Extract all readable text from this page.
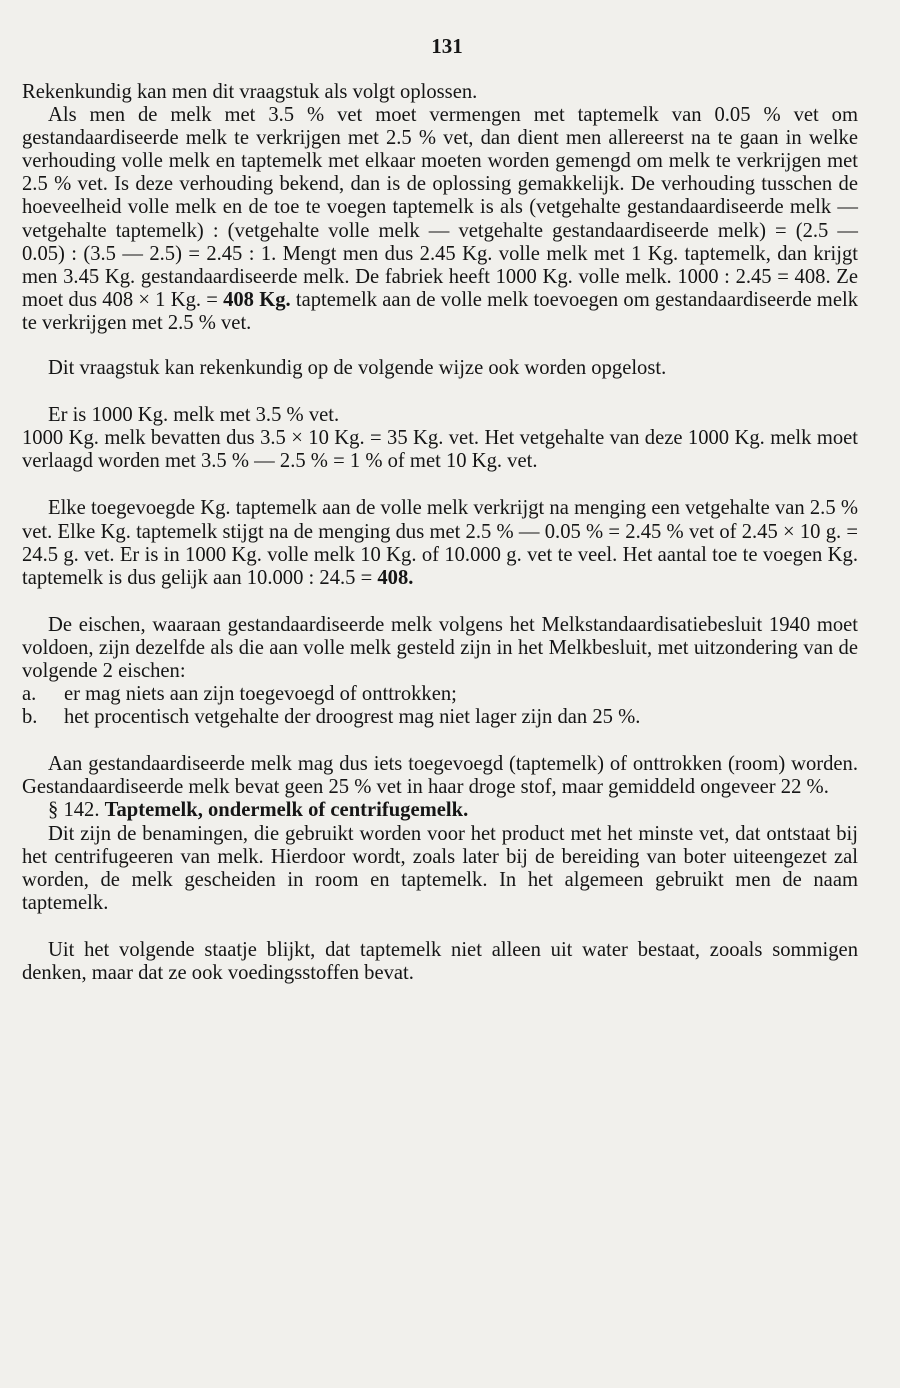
131

Rekenkundig kan men dit vraagstuk als volgt oplossen.

Als men de melk met 3.5 % vet moet vermengen met taptemelk van 0.05 % vet om gestandaardiseerde melk te verkrijgen met 2.5 % vet, dan dient men allereerst na te gaan in welke verhouding volle melk en taptemelk met elkaar moeten worden gemengd om melk te verkrijgen met 2.5 % vet. Is deze verhouding bekend, dan is de oplossing gemakkelijk. De verhouding tusschen de hoeveelheid volle melk en de toe te voegen taptemelk is als (vetgehalte gestandaardiseerde melk — vetgehalte taptemelk) : (vetgehalte volle melk — vetgehalte gestandaardiseerde melk) = (2.5 — 0.05) : (3.5 — 2.5) = 2.45 : 1. Mengt men dus 2.45 Kg. volle melk met 1 Kg. taptemelk, dan krijgt men 3.45 Kg. gestandaardiseerde melk. De fabriek heeft 1000 Kg. volle melk. 1000 : 2.45 = 408. Ze moet dus 408 × 1 Kg. = 408 Kg. taptemelk aan de volle melk toevoegen om gestandaardiseerde melk te verkrijgen met 2.5 % vet.

Dit vraagstuk kan rekenkundig op de volgende wijze ook worden opgelost.

Er is 1000 Kg. melk met 3.5 % vet.

1000 Kg. melk bevatten dus 3.5 × 10 Kg. = 35 Kg. vet. Het vetgehalte van deze 1000 Kg. melk moet verlaagd worden met 3.5 % — 2.5 % = 1 % of met 10 Kg. vet.

Elke toegevoegde Kg. taptemelk aan de volle melk verkrijgt na menging een vetgehalte van 2.5 % vet. Elke Kg. taptemelk stijgt na de menging dus met 2.5 % — 0.05 % = 2.45 % vet of 2.45 × 10 g. = 24.5 g. vet. Er is in 1000 Kg. volle melk 10 Kg. of 10.000 g. vet te veel. Het aantal toe te voegen Kg. taptemelk is dus gelijk aan 10.000 : 24.5 = 408.

De eischen, waaraan gestandaardiseerde melk volgens het Melkstandaardisatiebesluit 1940 moet voldoen, zijn dezelfde als die aan volle melk gesteld zijn in het Melkbesluit, met uitzondering van de volgende 2 eischen:

a.	er mag niets aan zijn toegevoegd of onttrokken;
b.	het procentisch vetgehalte der droogrest mag niet lager zijn dan 25 %.

Aan gestandaardiseerde melk mag dus iets toegevoegd (taptemelk) of onttrokken (room) worden. Gestandaardiseerde melk bevat geen 25 % vet in haar droge stof, maar gemiddeld ongeveer 22 %.

§ 142. Taptemelk, ondermelk of centrifugemelk.

Dit zijn de benamingen, die gebruikt worden voor het product met het minste vet, dat ontstaat bij het centrifugeeren van melk. Hierdoor wordt, zoals later bij de bereiding van boter uiteengezet zal worden, de melk gescheiden in room en taptemelk. In het algemeen gebruikt men de naam taptemelk.

Uit het volgende staatje blijkt, dat taptemelk niet alleen uit water bestaat, zooals sommigen denken, maar dat ze ook voedingsstoffen bevat.
